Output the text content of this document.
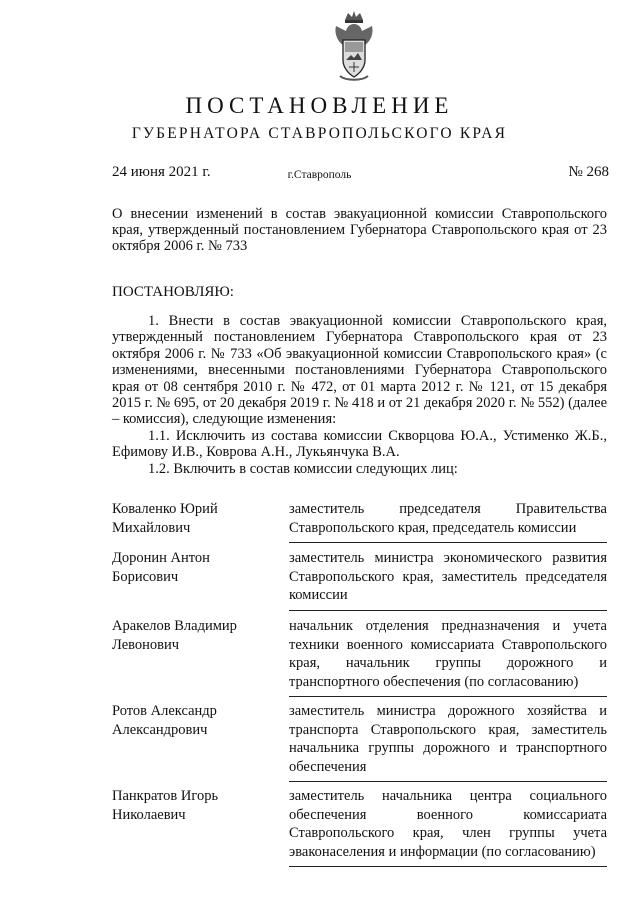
ПОСТАНОВЛЕНИЕ
ГУБЕРНАТОРА СТАВРОПОЛЬСКОГО КРАЯ
24 июня 2021 г.	г.Ставрополь	№ 268
О внесении изменений в состав эвакуационной комиссии Ставропольского края, утвержденный постановлением Губернатора Ставропольского края от 23 октября 2006 г. № 733
ПОСТАНОВЛЯЮ:

1. Внести в состав эвакуационной комиссии Ставропольского края, утвержденный постановлением Губернатора Ставропольского края от 23 октября 2006 г. № 733 «Об эвакуационной комиссии Ставропольского края» (с изменениями, внесенными постановлениями Губернатора Ставропольского края от 08 сентября 2010 г. № 472, от 01 марта 2012 г. № 121, от 15 декабря 2015 г. № 695, от 20 декабря 2019 г. № 418 и от 21 декабря 2020 г. № 552) (далее – комиссия), следующие изменения:

1.1. Исключить из состава комиссии Скворцова Ю.А., Устименко Ж.Б., Ефимову И.В., Коврова А.Н., Лукьянчука В.А.

1.2. Включить в состав комиссии следующих лиц:

Коваленко Юрий Михайлович
заместитель председателя Правительства Ставропольского края, председатель комиссии
Доронин Антон Борисович
заместитель министра экономического развития Ставропольского края, заместитель председателя комиссии
Аракелов Владимир Левонович
начальник отделения предназначения и учета техники военного комиссариата Ставропольского края, начальник группы дорожного и транспортного обеспечения (по согласованию)
Ротов Александр Александрович
заместитель министра дорожного хозяйства и транспорта Ставропольского края, заместитель начальника группы дорожного и транспортного обеспечения
Панкратов Игорь Николаевич
заместитель начальника центра социального обеспечения военного комиссариата Ставропольского края, член группы учета эваконаселения и информации (по согласованию)
